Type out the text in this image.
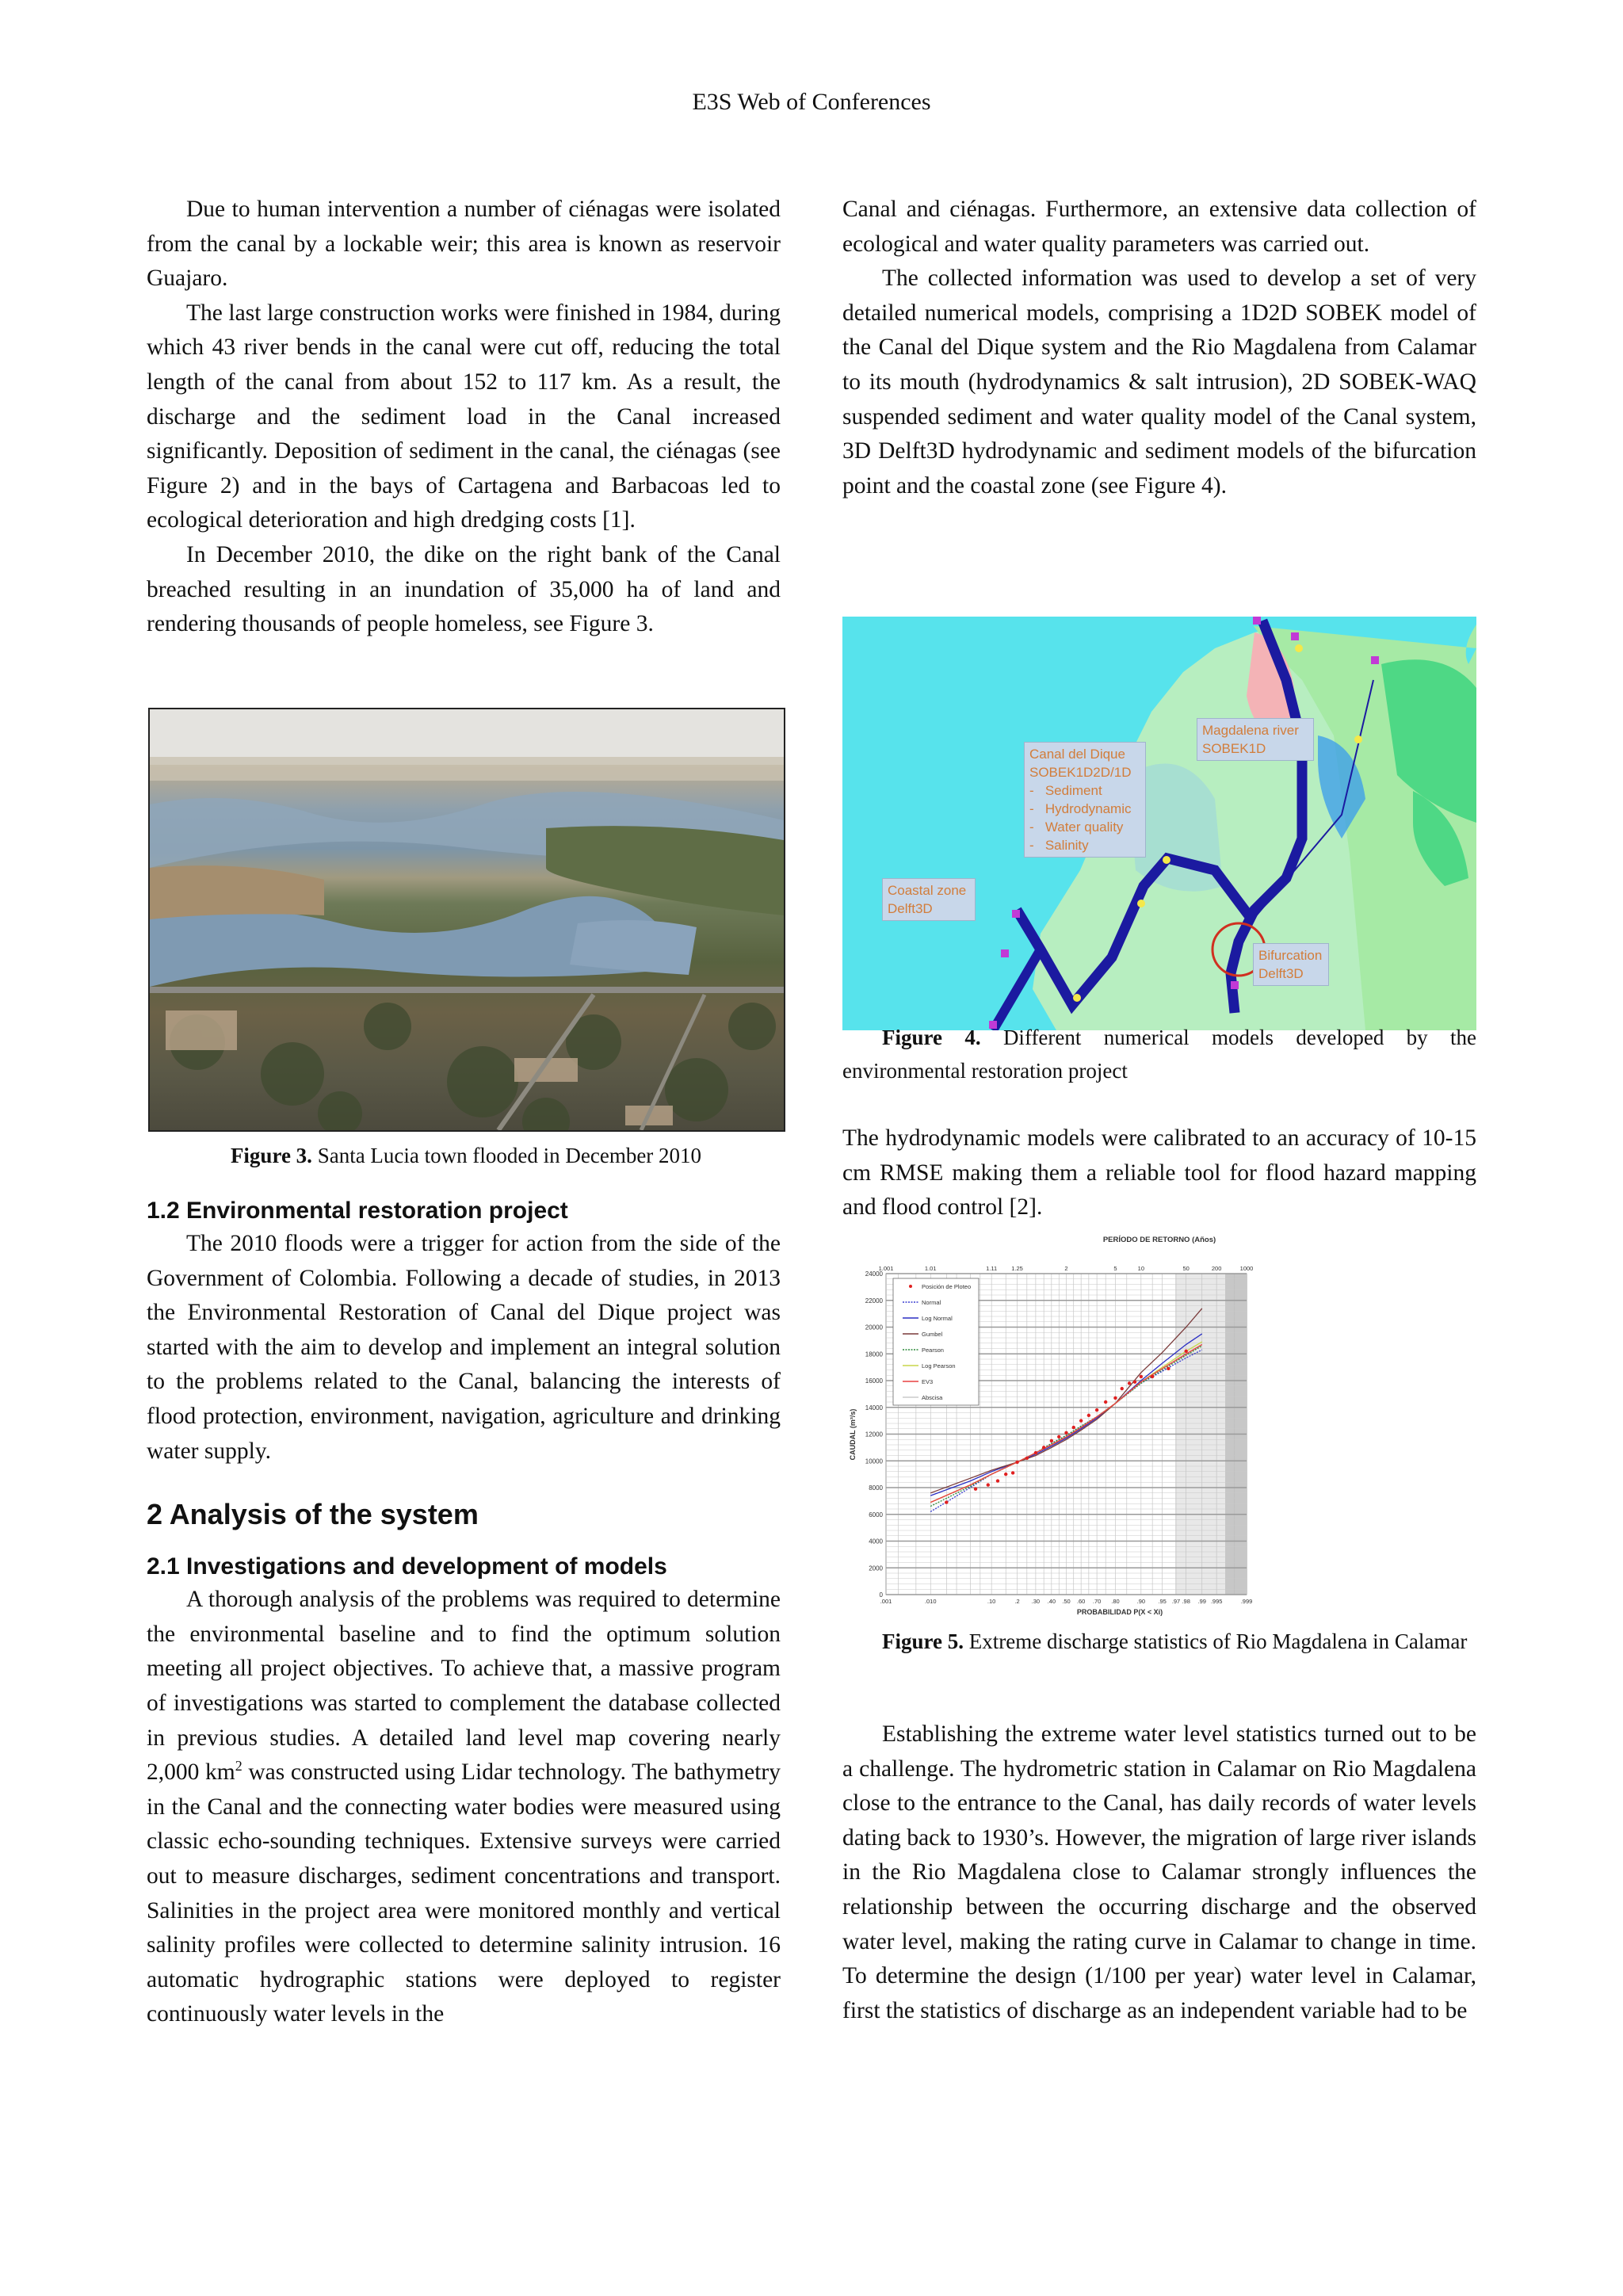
E3S Web of Conferences

Due to human intervention a number of ciénagas were isolated from the canal by a lockable weir; this area is known as reservoir Guajaro.

The last large construction works were finished in 1984, during which 43 river bends in the canal were cut off, reducing the total length of the canal from about 152 to 117 km. As a result, the discharge and the sediment load in the Canal increased significantly. Deposition of sediment in the canal, the ciénagas (see Figure 2) and in the bays of Cartagena and Barbacoas led to ecological deterioration and high dredging costs [1].

In December 2010, the dike on the right bank of the Canal breached resulting in an inundation of 35,000 ha of land and rendering thousands of people homeless, see Figure 3.

Figure 3. Santa Lucia town flooded in December 2010
1.2 Environmental restoration project

The 2010 floods were a trigger for action from the side of the Government of Colombia. Following a decade of studies, in 2013 the Environmental Restoration of Canal del Dique project was started with the aim to develop and implement an integral solution to the problems related to the Canal, balancing the interests of flood protection, environment, navigation, agriculture and drinking water supply.

2 Analysis of the system
2.1 Investigations and development of models

A thorough analysis of the problems was required to determine the environmental baseline and to find the optimum solution meeting all project objectives. To achieve that, a massive program of investigations was started to complement the database collected in previous studies. A detailed land level map covering nearly 2,000 $km^2$ was constructed using Lidar technology. The bathymetry in the Canal and the connecting water bodies were measured using classic echo-sounding techniques. Extensive surveys were carried out to measure discharges, sediment concentrations and transport. Salinities in the project area were monitored monthly and vertical salinity profiles were collected to determine salinity intrusion. 16 automatic hydrographic stations were deployed to register continuously water levels in the

Canal and ciénagas. Furthermore, an extensive data collection of ecological and water quality parameters was carried out.

The collected information was used to develop a set of very detailed numerical models, comprising a 1D2D SOBEK model of the Canal del Dique system and the Rio Magdalena from Calamar to its mouth (hydrodynamics & salt intrusion), 2D SOBEK-WAQ suspended sediment and water quality model of the Canal system, 3D Delft3D hydrodynamic and sediment models of the bifurcation point and the coastal zone (see Figure 4).

Canal del Dique
SOBEK1D2D/1D
-   Sediment
-   Hydrodynamic
-   Water quality
-   Salinity
Magdalena river
SOBEK1D
Coastal zone
Delft3D
Bifurcation
Delft3D

Figure 4. Different numerical models developed by the environmental restoration project

The hydrodynamic models were calibrated to an accuracy of 10-15 cm RMSE making them a reliable tool for flood hazard mapping and flood control [2].

PERÍODO DE RETORNO (Años)
Posición de Ploteo
Normal
Log Normal
Gumbel
Pearson
Log Pearson
EV3
Abscisa
0
2000
4000
6000
8000
10000
12000
14000
16000
18000
20000
22000
24000
.001	.010	.10	.2 .30 .40 .50 .60 .70 .80	.90 .95 .97 .98 .99 .995	.999
1.001	1.01	1.11 1.25	2	5	10	50	200	1000
CAUDAL (m³/s)
PROBABILIDAD P(X < Xi)

Figure 5. Extreme discharge statistics of Rio Magdalena in Calamar

Establishing the extreme water level statistics turned out to be a challenge. The hydrometric station in Calamar on Rio Magdalena close to the entrance to the Canal, has daily records of water levels dating back to 1930’s. However, the migration of large river islands in the Rio Magdalena close to Calamar strongly influences the relationship between the occurring discharge and the observed water level, making the rating curve in Calamar to change in time. To determine the design (1/100 per year) water level in Calamar, first the statistics of discharge as an independent variable had to be
